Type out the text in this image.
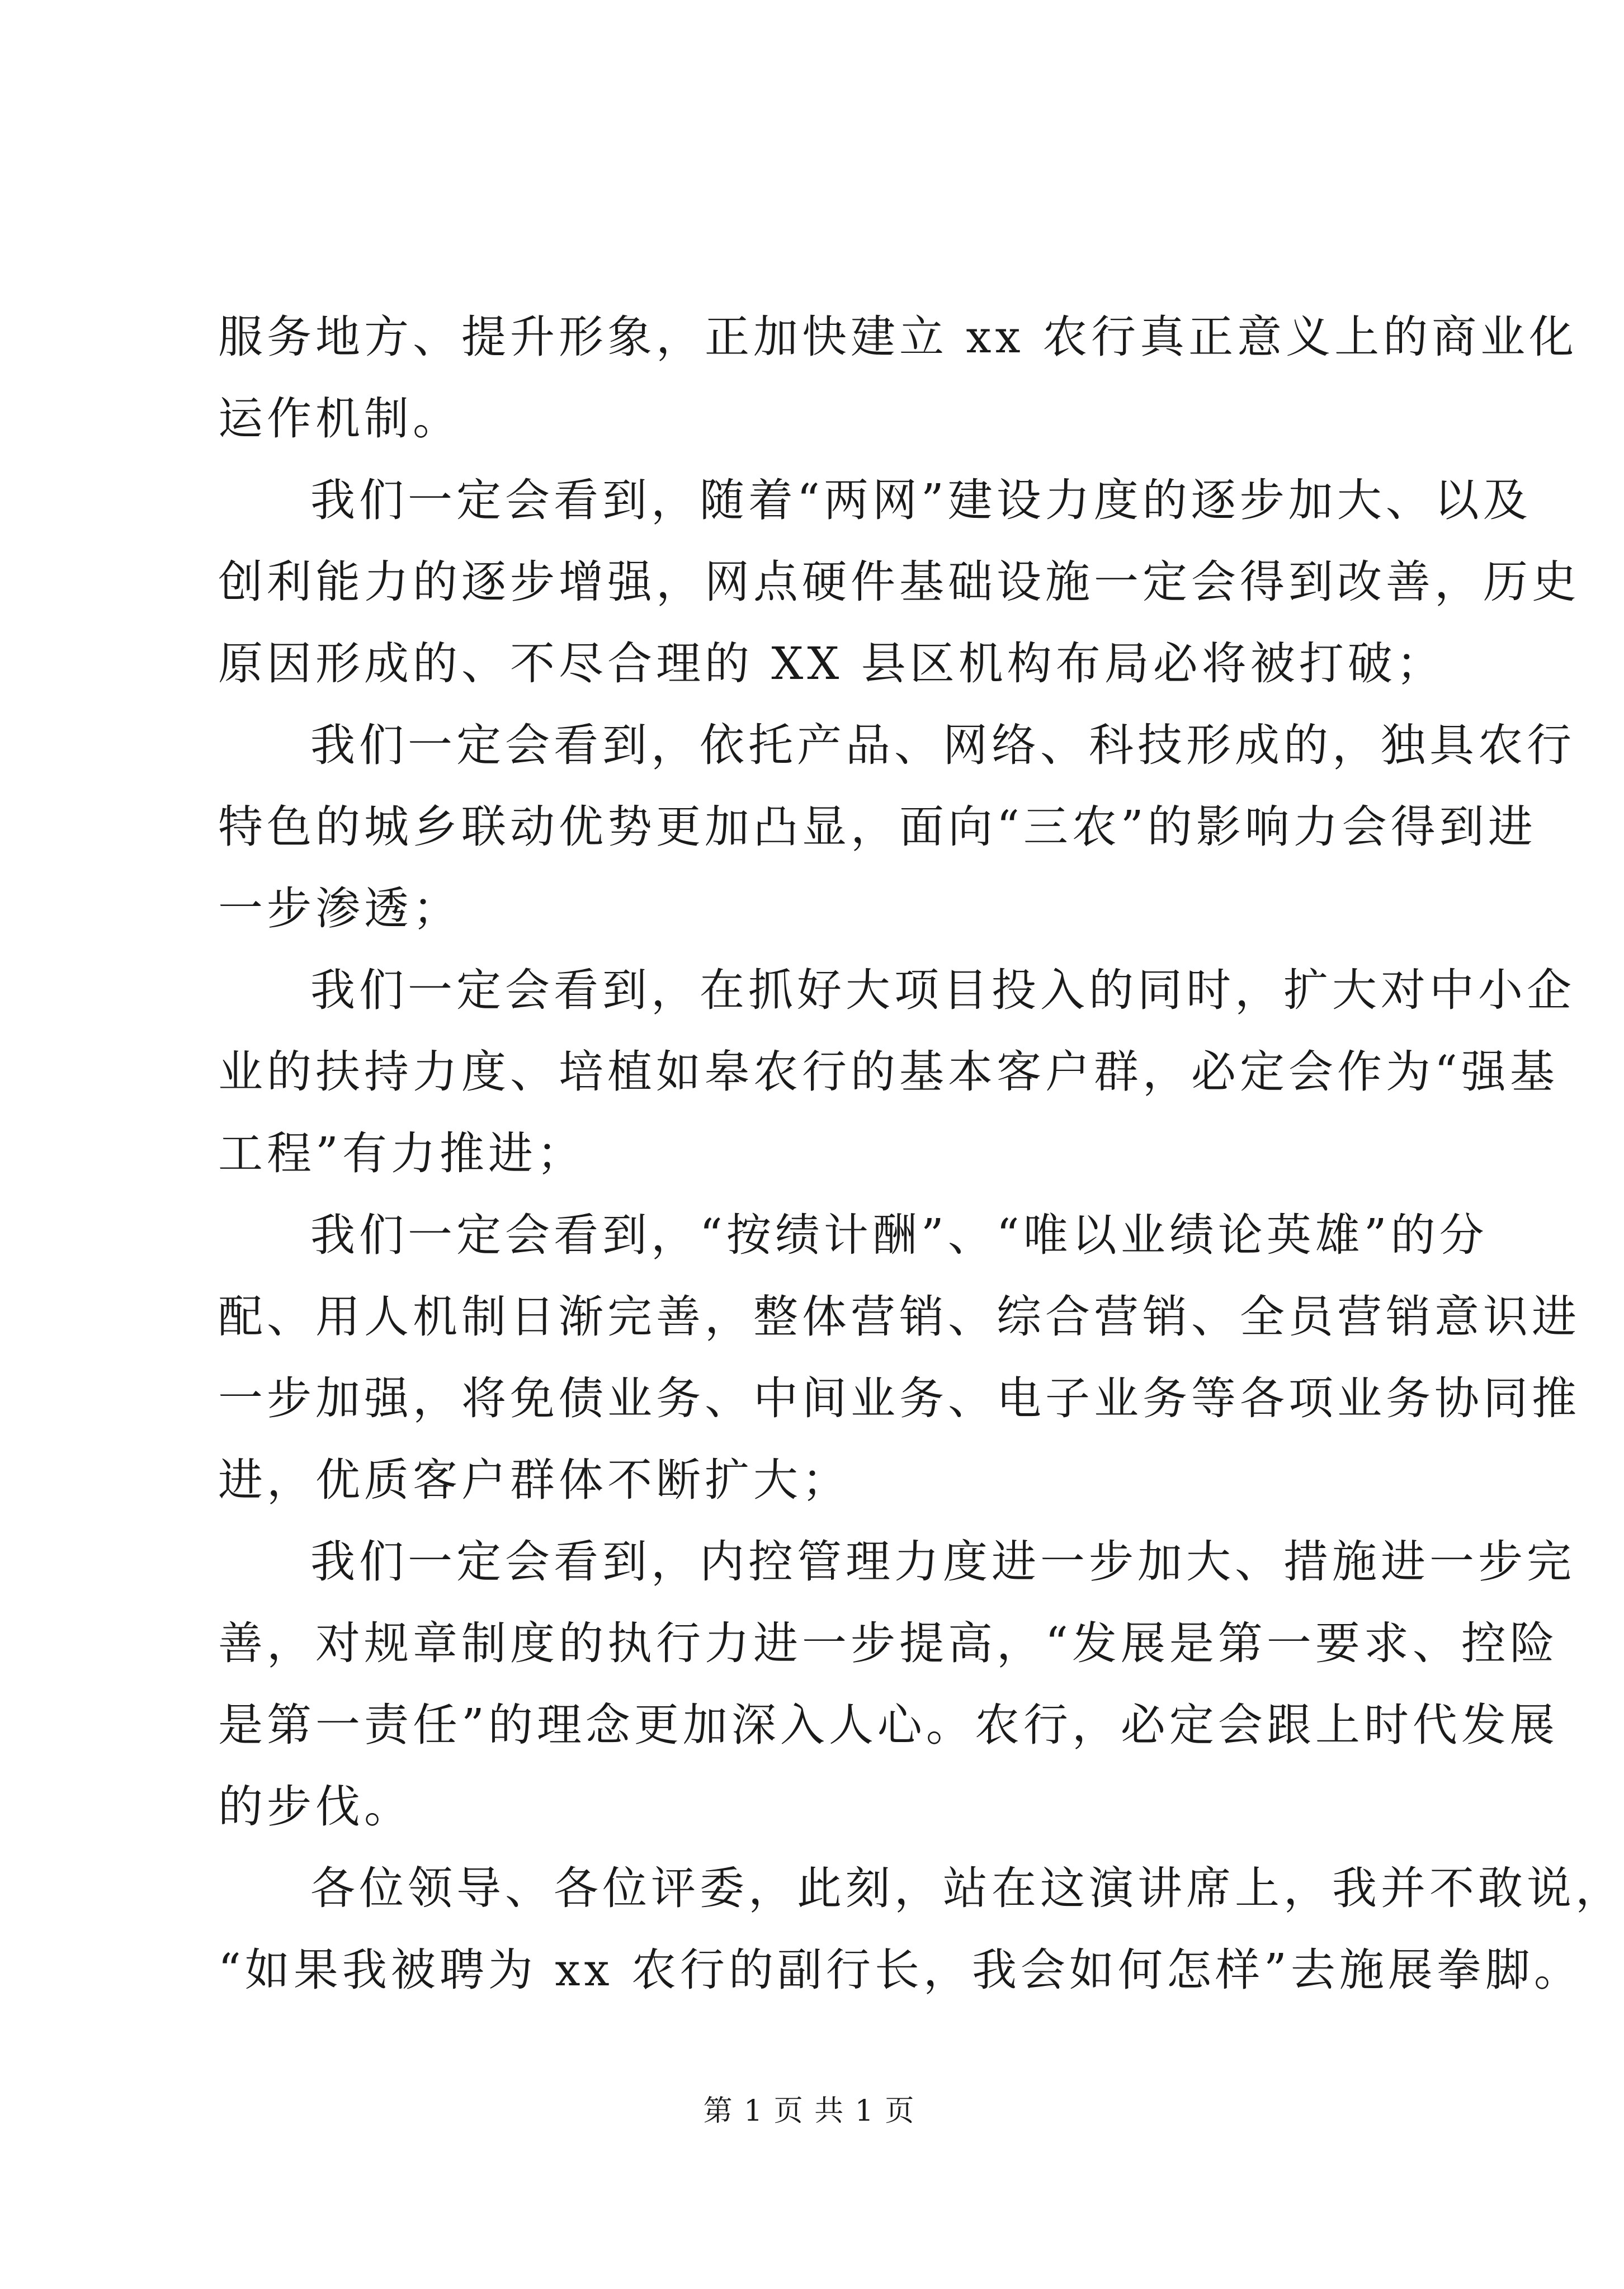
服务地方、提升形象，正加快建立 xx 农行真正意义上的商业化
运作机制。
我们一定会看到，随着“两网”建设力度的逐步加大、以及
创利能力的逐步增强，网点硬件基础设施一定会得到改善，历史
原因形成的、不尽合理的 XX 县区机构布局必将被打破；
我们一定会看到，依托产品、网络、科技形成的，独具农行
特色的城乡联动优势更加凸显，面向“三农”的影响力会得到进
一步渗透；
我们一定会看到，在抓好大项目投入的同时，扩大对中小企
业的扶持力度、培植如皋农行的基本客户群，必定会作为“强基
工程”有力推进；
我们一定会看到，“按绩计酬”、“唯以业绩论英雄”的分
配、用人机制日渐完善，整体营销、综合营销、全员营销意识进
一步加强，将免债业务、中间业务、电子业务等各项业务协同推
进，优质客户群体不断扩大；
我们一定会看到，内控管理力度进一步加大、措施进一步完
善，对规章制度的执行力进一步提高，“发展是第一要求、控险
是第一责任”的理念更加深入人心。农行，必定会跟上时代发展
的步伐。
各位领导、各位评委，此刻，站在这演讲席上，我并不敢说，
“如果我被聘为 xx 农行的副行长，我会如何怎样”去施展拳脚。
第 1 页 共 1 页
